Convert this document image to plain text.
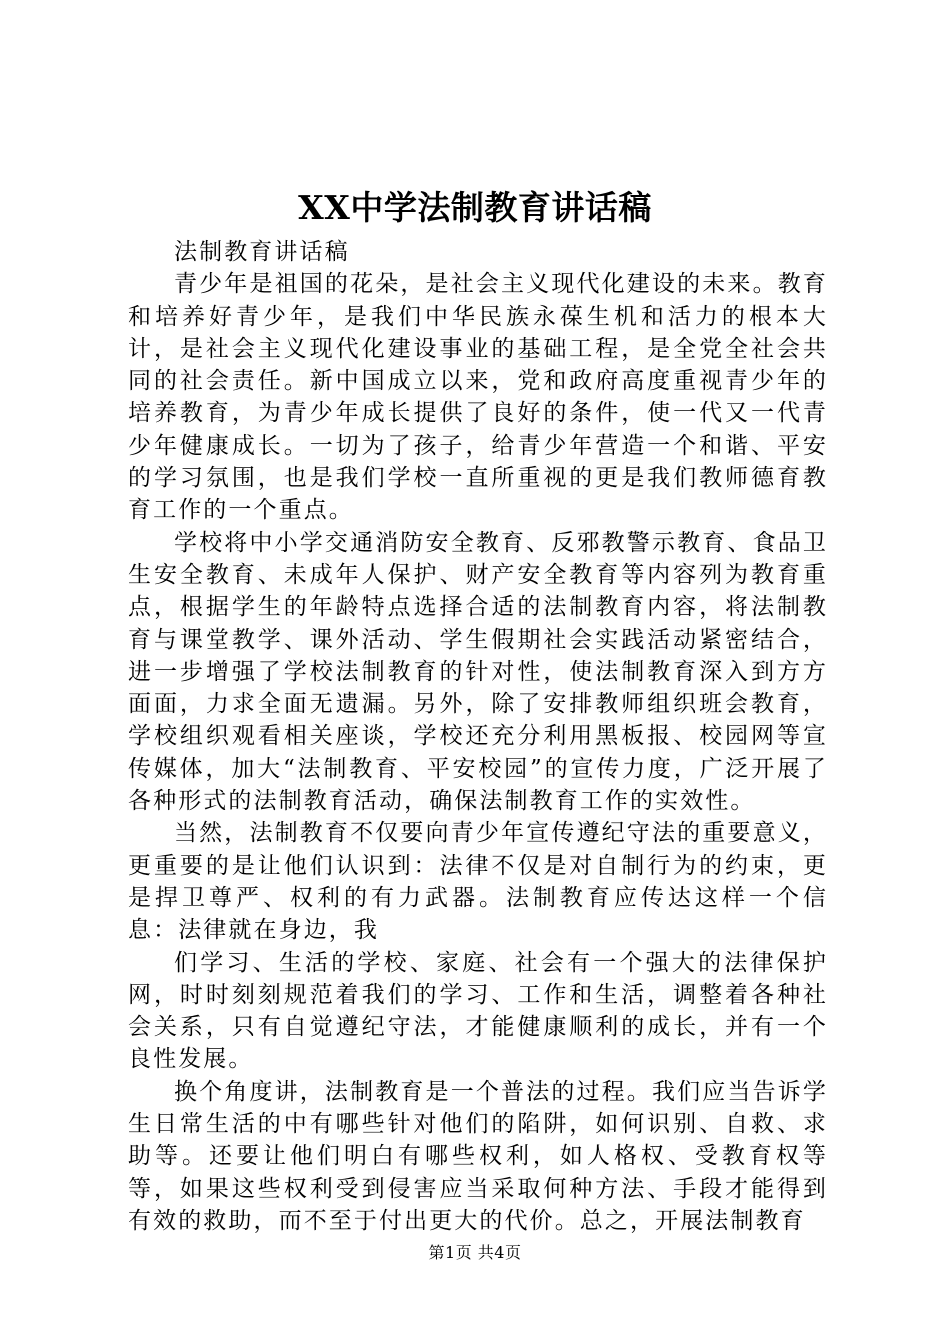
XX中学法制教育讲话稿

法制教育讲话稿

青少年是祖国的花朵，是社会主义现代化建设的未来。教育和培养好青少年，是我们中华民族永葆生机和活力的根本大计，是社会主义现代化建设事业的基础工程，是全党全社会共同的社会责任。新中国成立以来，党和政府高度重视青少年的培养教育，为青少年成长提供了良好的条件，使一代又一代青少年健康成长。一切为了孩子，给青少年营造一个和谐、平安的学习氛围，也是我们学校一直所重视的更是我们教师德育教育工作的一个重点。

学校将中小学交通消防安全教育、反邪教警示教育、食品卫生安全教育、未成年人保护、财产安全教育等内容列为教育重点，根据学生的年龄特点选择合适的法制教育内容，将法制教育与课堂教学、课外活动、学生假期社会实践活动紧密结合，进一步增强了学校法制教育的针对性，使法制教育深入到方方面面，力求全面无遗漏。另外，除了安排教师组织班会教育，学校组织观看相关座谈，学校还充分利用黑板报、校园网等宣传媒体，加大“法制教育、平安校园”的宣传力度，广泛开展了各种形式的法制教育活动，确保法制教育工作的实效性。

当然，法制教育不仅要向青少年宣传遵纪守法的重要意义，更重要的是让他们认识到：法律不仅是对自制行为的约束，更是捍卫尊严、权利的有力武器。法制教育应传达这样一个信息：法律就在身边，我

们学习、生活的学校、家庭、社会有一个强大的法律保护网，时时刻刻规范着我们的学习、工作和生活，调整着各种社会关系，只有自觉遵纪守法，才能健康顺利的成长，并有一个良性发展。

换个角度讲，法制教育是一个普法的过程。我们应当告诉学生日常生活的中有哪些针对他们的陷阱，如何识别、自救、求助等。还要让他们明白有哪些权利，如人格权、受教育权等等，如果这些权利受到侵害应当采取何种方法、手段才能得到有效的救助，而不至于付出更大的代价。总之，开展法制教育

第1页 共4页
